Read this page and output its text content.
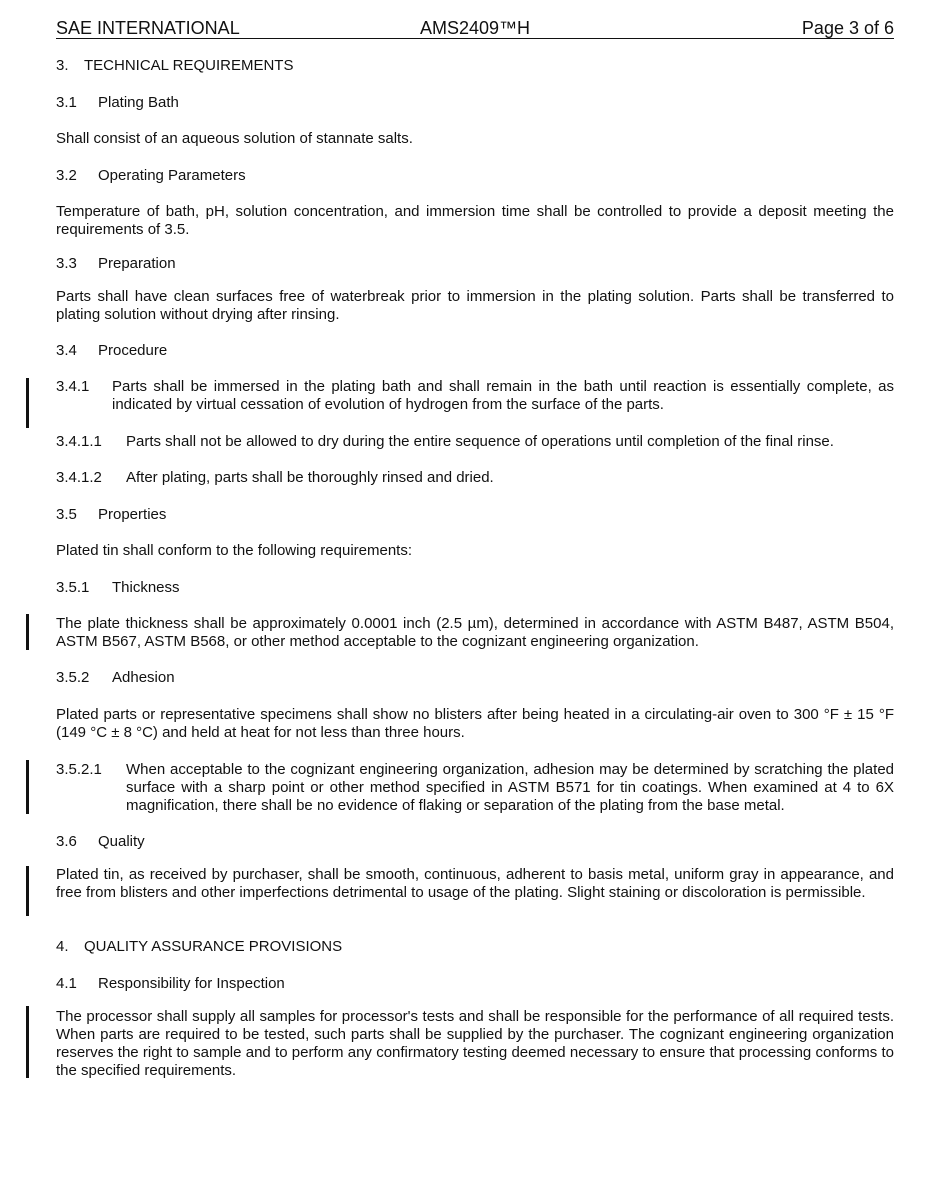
SAE INTERNATIONAL	AMS2409™H	Page 3 of 6
3. TECHNICAL REQUIREMENTS
3.1 Plating Bath
Shall consist of an aqueous solution of stannate salts.
3.2 Operating Parameters
Temperature of bath, pH, solution concentration, and immersion time shall be controlled to provide a deposit meeting the requirements of 3.5.
3.3 Preparation
Parts shall have clean surfaces free of waterbreak prior to immersion in the plating solution. Parts shall be transferred to plating solution without drying after rinsing.
3.4 Procedure
3.4.1 Parts shall be immersed in the plating bath and shall remain in the bath until reaction is essentially complete, as indicated by virtual cessation of evolution of hydrogen from the surface of the parts.
3.4.1.1 Parts shall not be allowed to dry during the entire sequence of operations until completion of the final rinse.
3.4.1.2 After plating, parts shall be thoroughly rinsed and dried.
3.5 Properties
Plated tin shall conform to the following requirements:
3.5.1 Thickness
The plate thickness shall be approximately 0.0001 inch (2.5 µm), determined in accordance with ASTM B487, ASTM B504, ASTM B567, ASTM B568, or other method acceptable to the cognizant engineering organization.
3.5.2 Adhesion
Plated parts or representative specimens shall show no blisters after being heated in a circulating-air oven to 300 °F ± 15 °F (149 °C ± 8 °C) and held at heat for not less than three hours.
3.5.2.1 When acceptable to the cognizant engineering organization, adhesion may be determined by scratching the plated surface with a sharp point or other method specified in ASTM B571 for tin coatings. When examined at 4 to 6X magnification, there shall be no evidence of flaking or separation of the plating from the base metal.
3.6 Quality
Plated tin, as received by purchaser, shall be smooth, continuous, adherent to basis metal, uniform gray in appearance, and free from blisters and other imperfections detrimental to usage of the plating. Slight staining or discoloration is permissible.
4. QUALITY ASSURANCE PROVISIONS
4.1 Responsibility for Inspection
The processor shall supply all samples for processor's tests and shall be responsible for the performance of all required tests. When parts are required to be tested, such parts shall be supplied by the purchaser. The cognizant engineering organization reserves the right to sample and to perform any confirmatory testing deemed necessary to ensure that processing conforms to the specified requirements.
